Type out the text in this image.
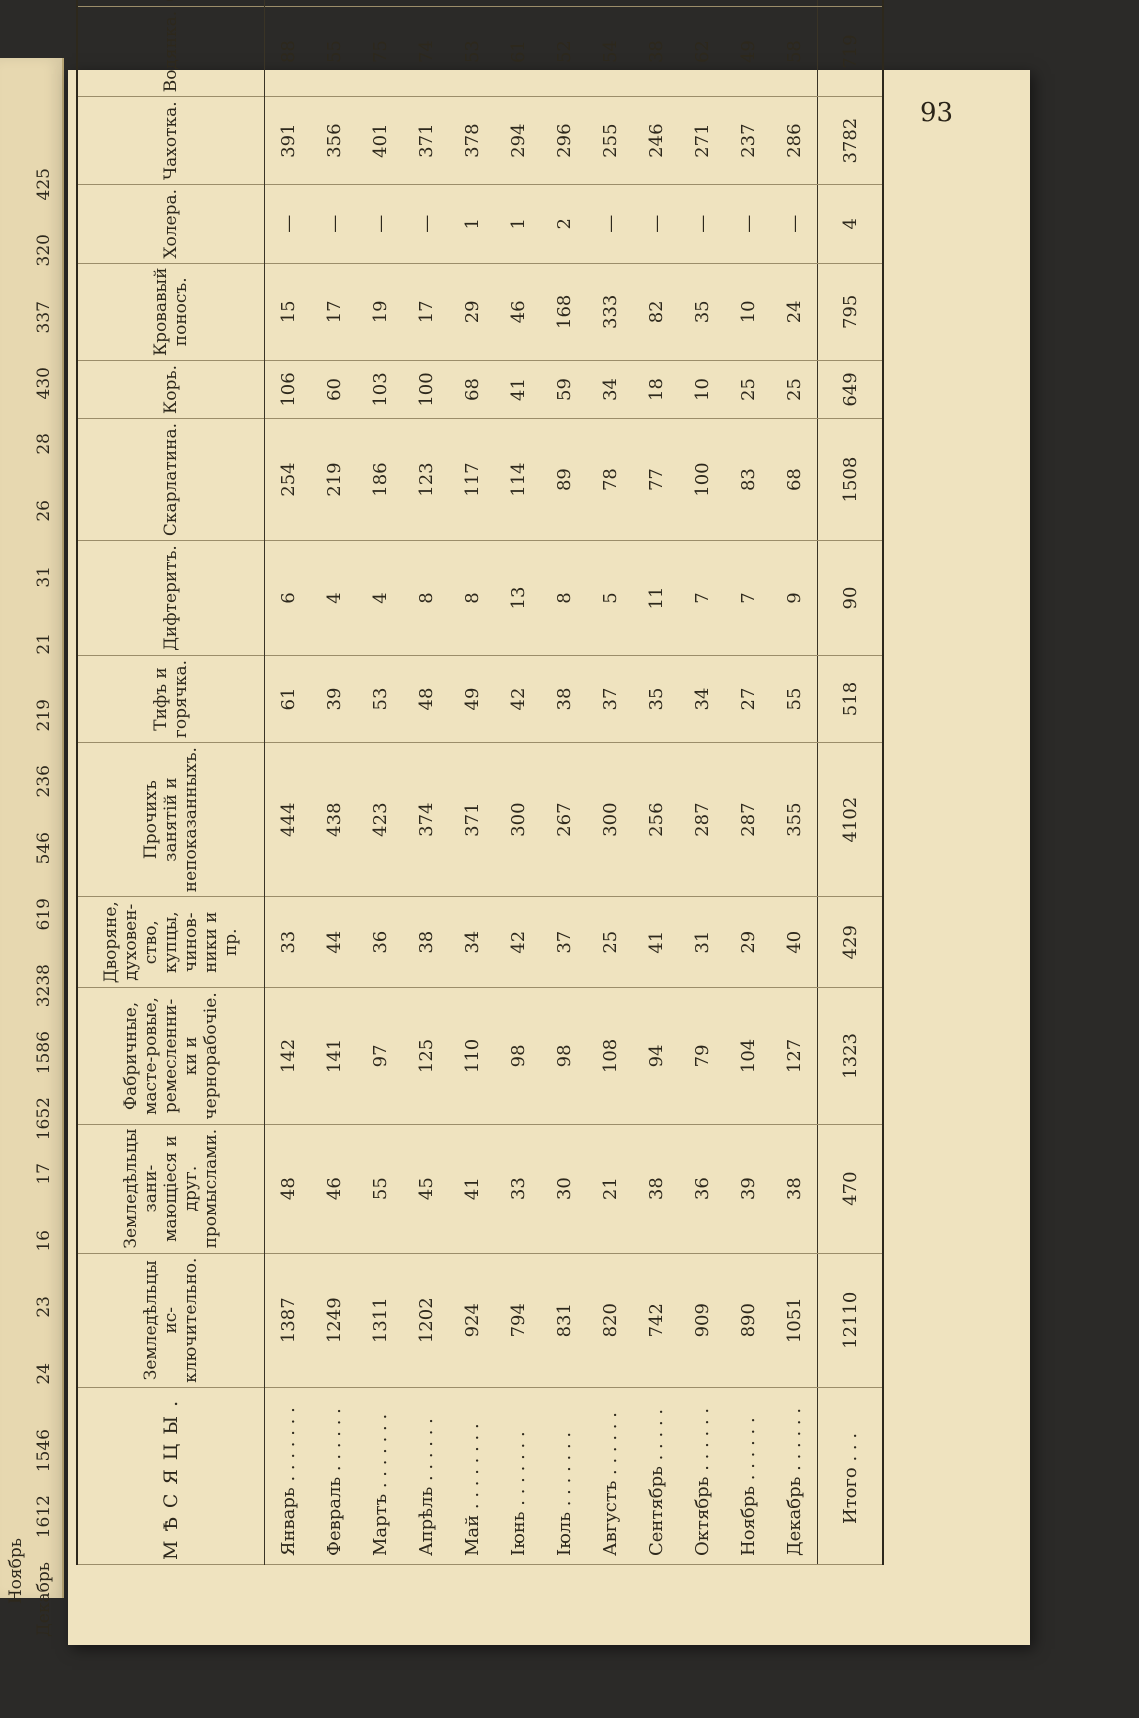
425
320
337
430
28
26
31
21
219
236
546
619
3238
1586
1652
17
16
23
24
1546
1612
Декабрь
Ноябрь
93
МѢСЯЦЫ.	Земледѣльцы ис-ключительно.	Земледѣльцы зани-мающіеся и друг. промыслами.	Фабричные, масте-ровые, ремесленни-ки и чернорабочіе.	Дворяне, духовен-ство, купцы, чинов-ники и пр.	Прочихъ занятій и непоказанныхъ.	Тифъ и горячка.	Дифтеритъ.	Скарлатина.	Корь.	Кровавый поносъ.	Холера.	Чахотка.	Водянка.					
Январь . . . . . . .	1387	48	142	33	444	61	6	254	106	15	—	391	88					
Февраль . . . . . .	1249	46	141	44	438	39	4	219	60	17	—	356	55					
Мартъ . . . . . . .	1311	55	97	36	423	53	4	186	103	19	—	401	75					
Апрѣль . . . . . .	1202	45	125	38	374	48	8	123	100	17	—	371	74					
Май . . . . . . . .	924	41	110	34	371	49	8	117	68	29	1	378	53					
Іюнь . . . . . . .	794	33	98	42	300	42	13	114	41	46	1	294	61					
Іюль . . . . . . .	831	30	98	37	267	38	8	89	59	168	2	296	52					
Августъ . . . . . .	820	21	108	25	300	37	5	78	34	333	—	255	54					
Сентябрь . . . . .	742	38	94	41	256	35	11	77	18	82	—	246	38					
Октябрь . . . . . .	909	36	79	31	287	34	7	100	10	35	—	271	62					
Ноябрь . . . . . .	890	39	104	29	287	27	7	83	25	10	—	237	49					
Декабрь . . . . . .	1051	38	127	40	355	55	9	68	25	24	—	286	58					
Итого . . .	12110	470	1323	429	4102	518	90	1508	649	795	4	3782	719					
